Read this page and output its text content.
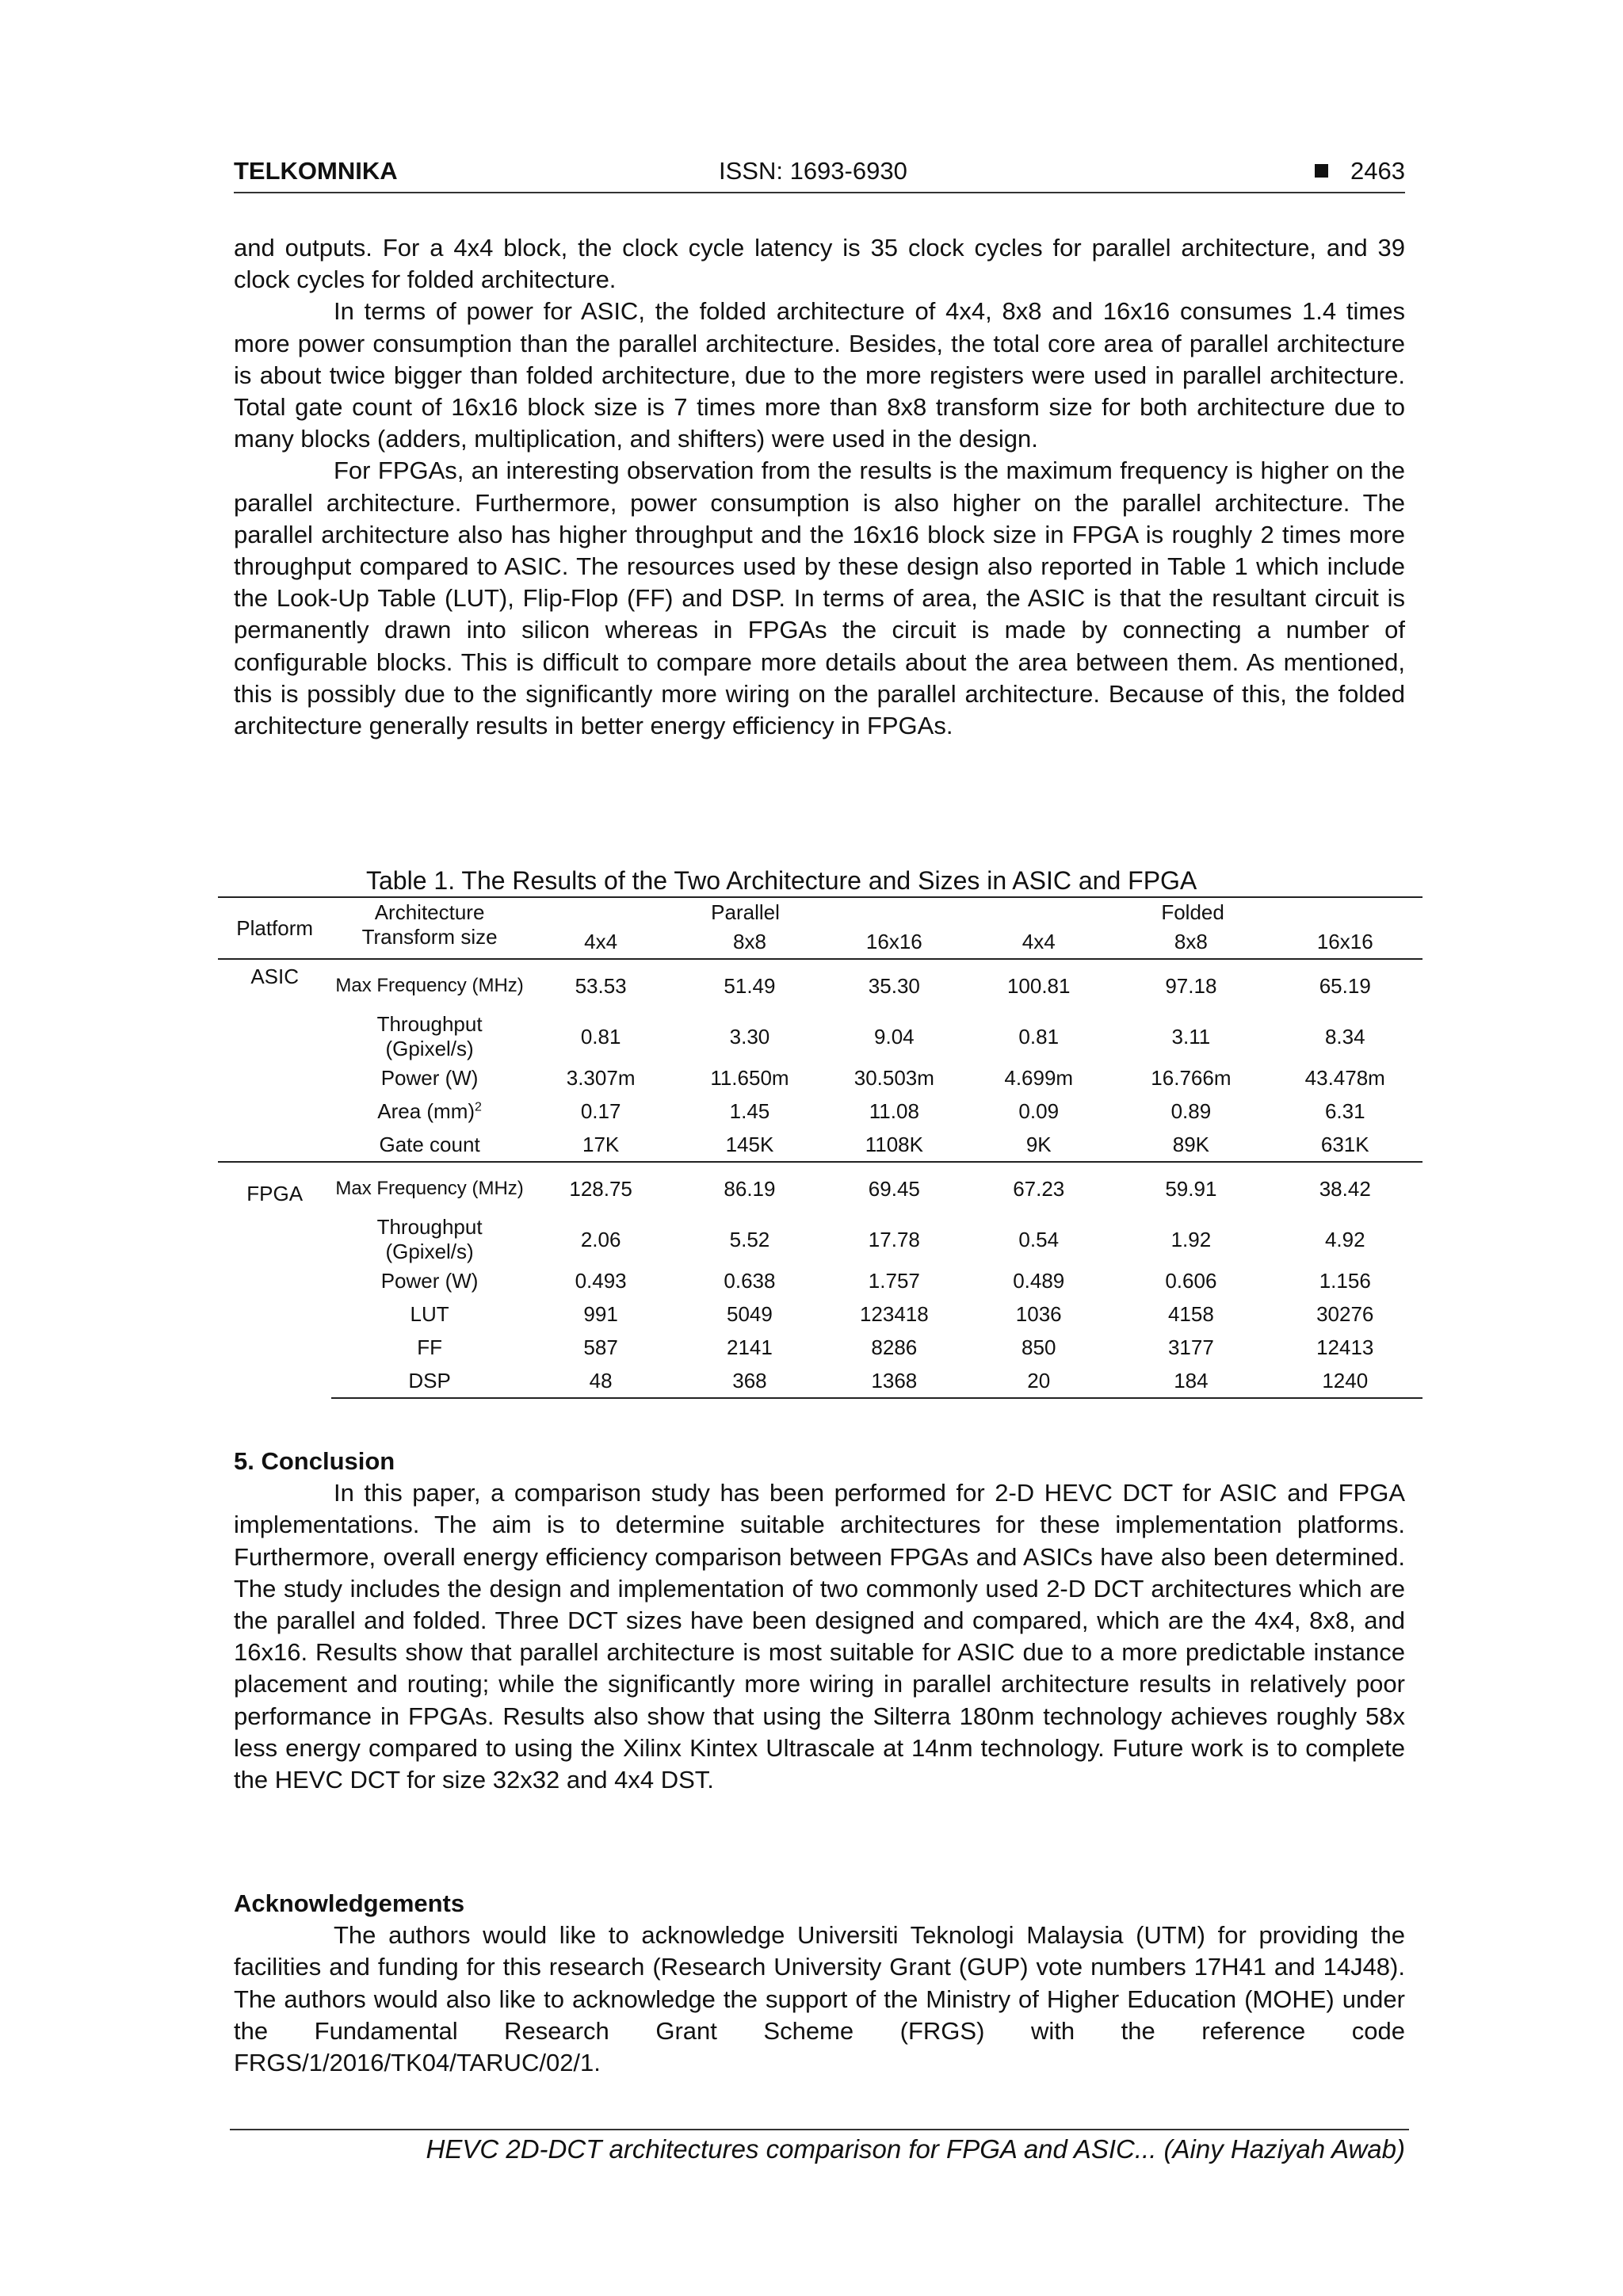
TELKOMNIKA	ISSN: 1693-6930	2463

and outputs. For a 4x4 block, the clock cycle latency is 35 clock cycles for parallel architecture, and 39 clock cycles for folded architecture.

In terms of power for ASIC, the folded architecture of 4x4, 8x8 and 16x16 consumes 1.4 times more power consumption than the parallel architecture. Besides, the total core area of parallel architecture is about twice bigger than folded architecture, due to the more registers were used in parallel architecture. Total gate count of 16x16 block size is 7 times more than 8x8 transform size for both architecture due to many blocks (adders, multiplication, and shifters) were used in the design.

For FPGAs, an interesting observation from the results is the maximum frequency is higher on the parallel architecture. Furthermore, power consumption is also higher on the parallel architecture. The parallel architecture also has higher throughput and the 16x16 block size in FPGA is roughly 2 times more throughput compared to ASIC. The resources used by these design also reported in Table 1 which include the Look-Up Table (LUT), Flip-Flop (FF) and DSP. In terms of area, the ASIC is that the resultant circuit is permanently drawn into silicon whereas in FPGAs the circuit is made by connecting a number of configurable blocks. This is difficult to compare more details about the area between them. As mentioned, this is possibly due to the significantly more wiring on the parallel architecture. Because of this, the folded architecture generally results in better energy efficiency in FPGAs.

Table 1. The Results of the Two Architecture and Sizes in ASIC and FPGA
Platform	Architecture	Parallel			Folded		
	Transform size	4x4	8x8	16x16	4x4	8x8	16x16
ASIC	Max Frequency (MHz)	53.53	51.49	35.30	100.81	97.18	65.19
	Throughput (Gpixel/s)	0.81	3.30	9.04	0.81	3.11	8.34
	Power (W)	3.307m	11.650m	30.503m	4.699m	16.766m	43.478m
	Area (mm)$^2$	0.17	1.45	11.08	0.09	0.89	6.31
	Gate count	17K	145K	1108K	9K	89K	631K
FPGA	Max Frequency (MHz)	128.75	86.19	69.45	67.23	59.91	38.42
	Throughput (Gpixel/s)	2.06	5.52	17.78	0.54	1.92	4.92
	Power (W)	0.493	0.638	1.757	0.489	0.606	1.156
	LUT	991	5049	123418	1036	4158	30276
	FF	587	2141	8286	850	3177	12413
	DSP	48	368	1368	20	184	1240

5. Conclusion

In this paper, a comparison study has been performed for 2-D HEVC DCT for ASIC and FPGA implementations. The aim is to determine suitable architectures for these implementation platforms. Furthermore, overall energy efficiency comparison between FPGAs and ASICs have also been determined. The study includes the design and implementation of two commonly used 2-D DCT architectures which are the parallel and folded. Three DCT sizes have been designed and compared, which are the 4x4, 8x8, and 16x16. Results show that parallel architecture is most suitable for ASIC due to a more predictable instance placement and routing; while the significantly more wiring in parallel architecture results in relatively poor performance in FPGAs. Results also show that using the Silterra 180nm technology achieves roughly 58x less energy compared to using the Xilinx Kintex Ultrascale at 14nm technology. Future work is to complete the HEVC DCT for size 32x32 and 4x4 DST.

Acknowledgements

The authors would like to acknowledge Universiti Teknologi Malaysia (UTM) for providing the facilities and funding for this research (Research University Grant (GUP) vote numbers 17H41 and 14J48). The authors would also like to acknowledge the support of the Ministry of Higher Education (MOHE) under the Fundamental Research Grant Scheme (FRGS) with the reference code FRGS/1/2016/TK04/TARUC/02/1.

HEVC 2D-DCT architectures comparison for FPGA and ASIC... (Ainy Haziyah Awab)
